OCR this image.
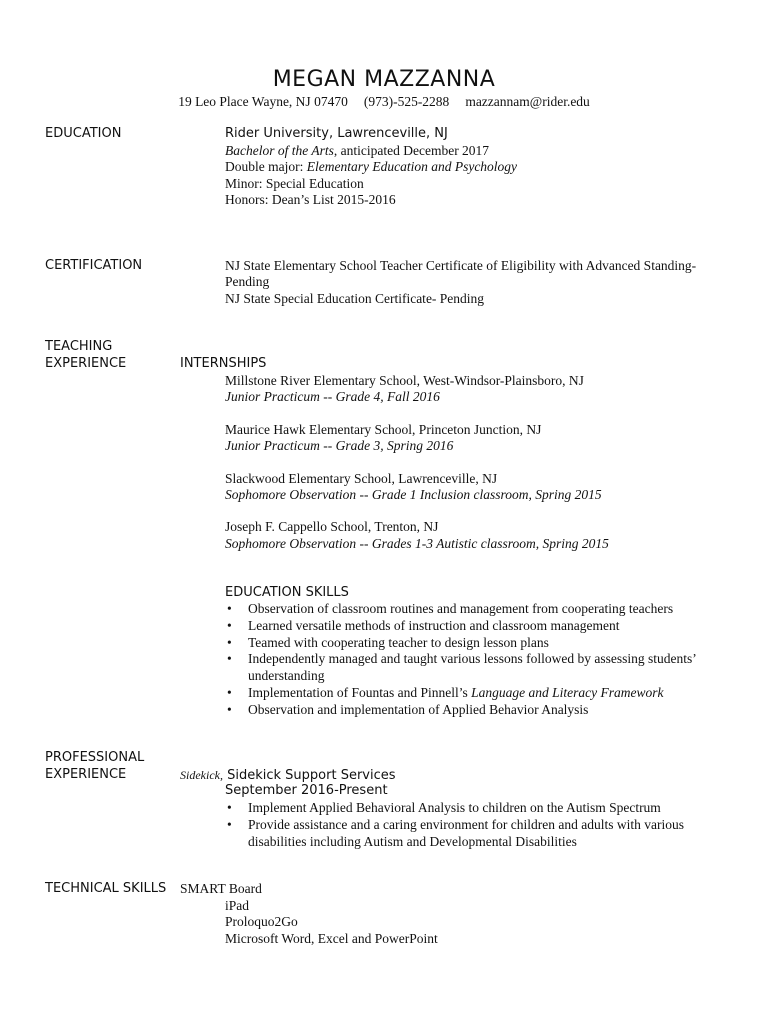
MEGAN MAZZANNA
19 Leo Place Wayne, NJ 07470 (973)-525-2288 mazzannam@rider.edu
EDUCATION	Rider University, Lawrenceville, NJ
Bachelor of the Arts, anticipated December 2017
Double major: Elementary Education and Psychology
Minor: Special Education
Honors: Dean’s List 2015-2016
CERTIFICATION	NJ State Elementary School Teacher Certificate of Eligibility with Advanced Standing-
Pending
NJ State Special Education Certificate- Pending
TEACHING
EXPERIENCE	INTERNSHIPS
Millstone River Elementary School, West-Windsor-Plainsboro, NJ
Junior Practicum -- Grade 4, Fall 2016
Maurice Hawk Elementary School, Princeton Junction, NJ
Junior Practicum -- Grade 3, Spring 2016
Slackwood Elementary School, Lawrenceville, NJ
Sophomore Observation -- Grade 1 Inclusion classroom, Spring 2015
Joseph F. Cappello School, Trenton, NJ
Sophomore Observation -- Grades 1-3 Autistic classroom, Spring 2015
EDUCATION SKILLS
• Observation of classroom routines and management from cooperating teachers
• Learned versatile methods of instruction and classroom management
• Teamed with cooperating teacher to design lesson plans
• Independently managed and taught various lessons followed by assessing students’
understanding
• Implementation of Fountas and Pinnell’s Language and Literacy Framework
• Observation and implementation of Applied Behavior Analysis
PROFESSIONAL
EXPERIENCE	Sidekick, Sidekick Support Services
September 2016-Present
• Implement Applied Behavioral Analysis to children on the Autism Spectrum
• Provide assistance and a caring environment for children and adults with various
disabilities including Autism and Developmental Disabilities
TECHNICAL SKILLS SMART Board
iPad
Proloquo2Go
Microsoft Word, Excel and PowerPoint
